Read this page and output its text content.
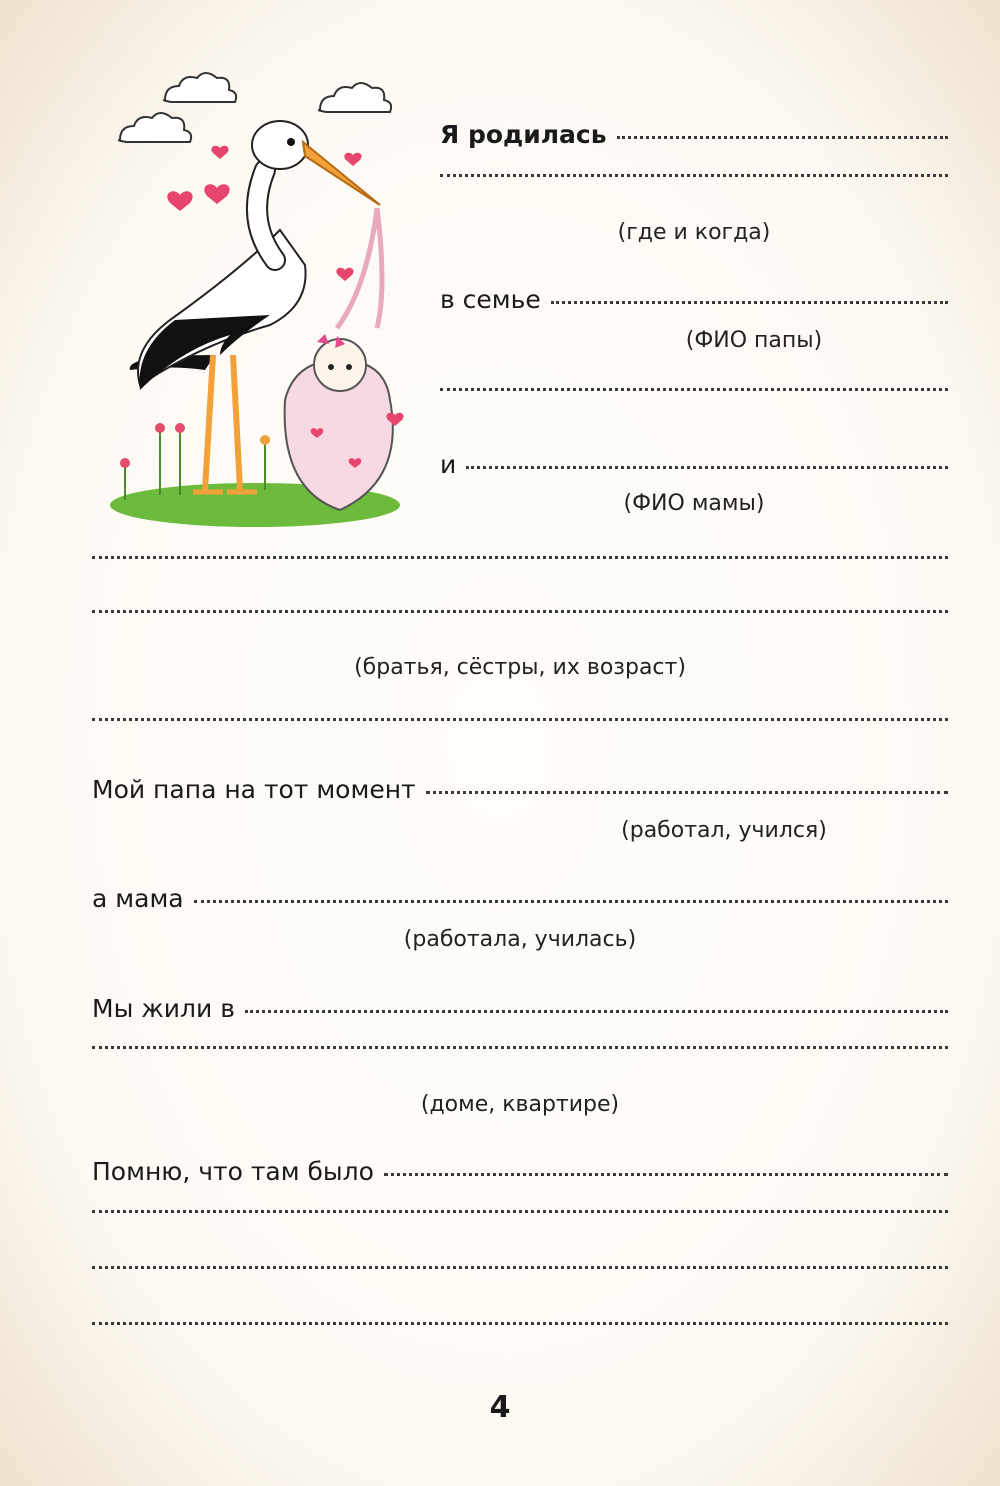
Я родилась
(где и когда)
в семье
(ФИО папы)
и
(ФИО мамы)
(братья, сёстры, их возраст)
Мой папа на тот момент
(работал, учился)
а мама
(работала, училась)
Мы жили в
(доме, квартире)
Помню, что там было
4
